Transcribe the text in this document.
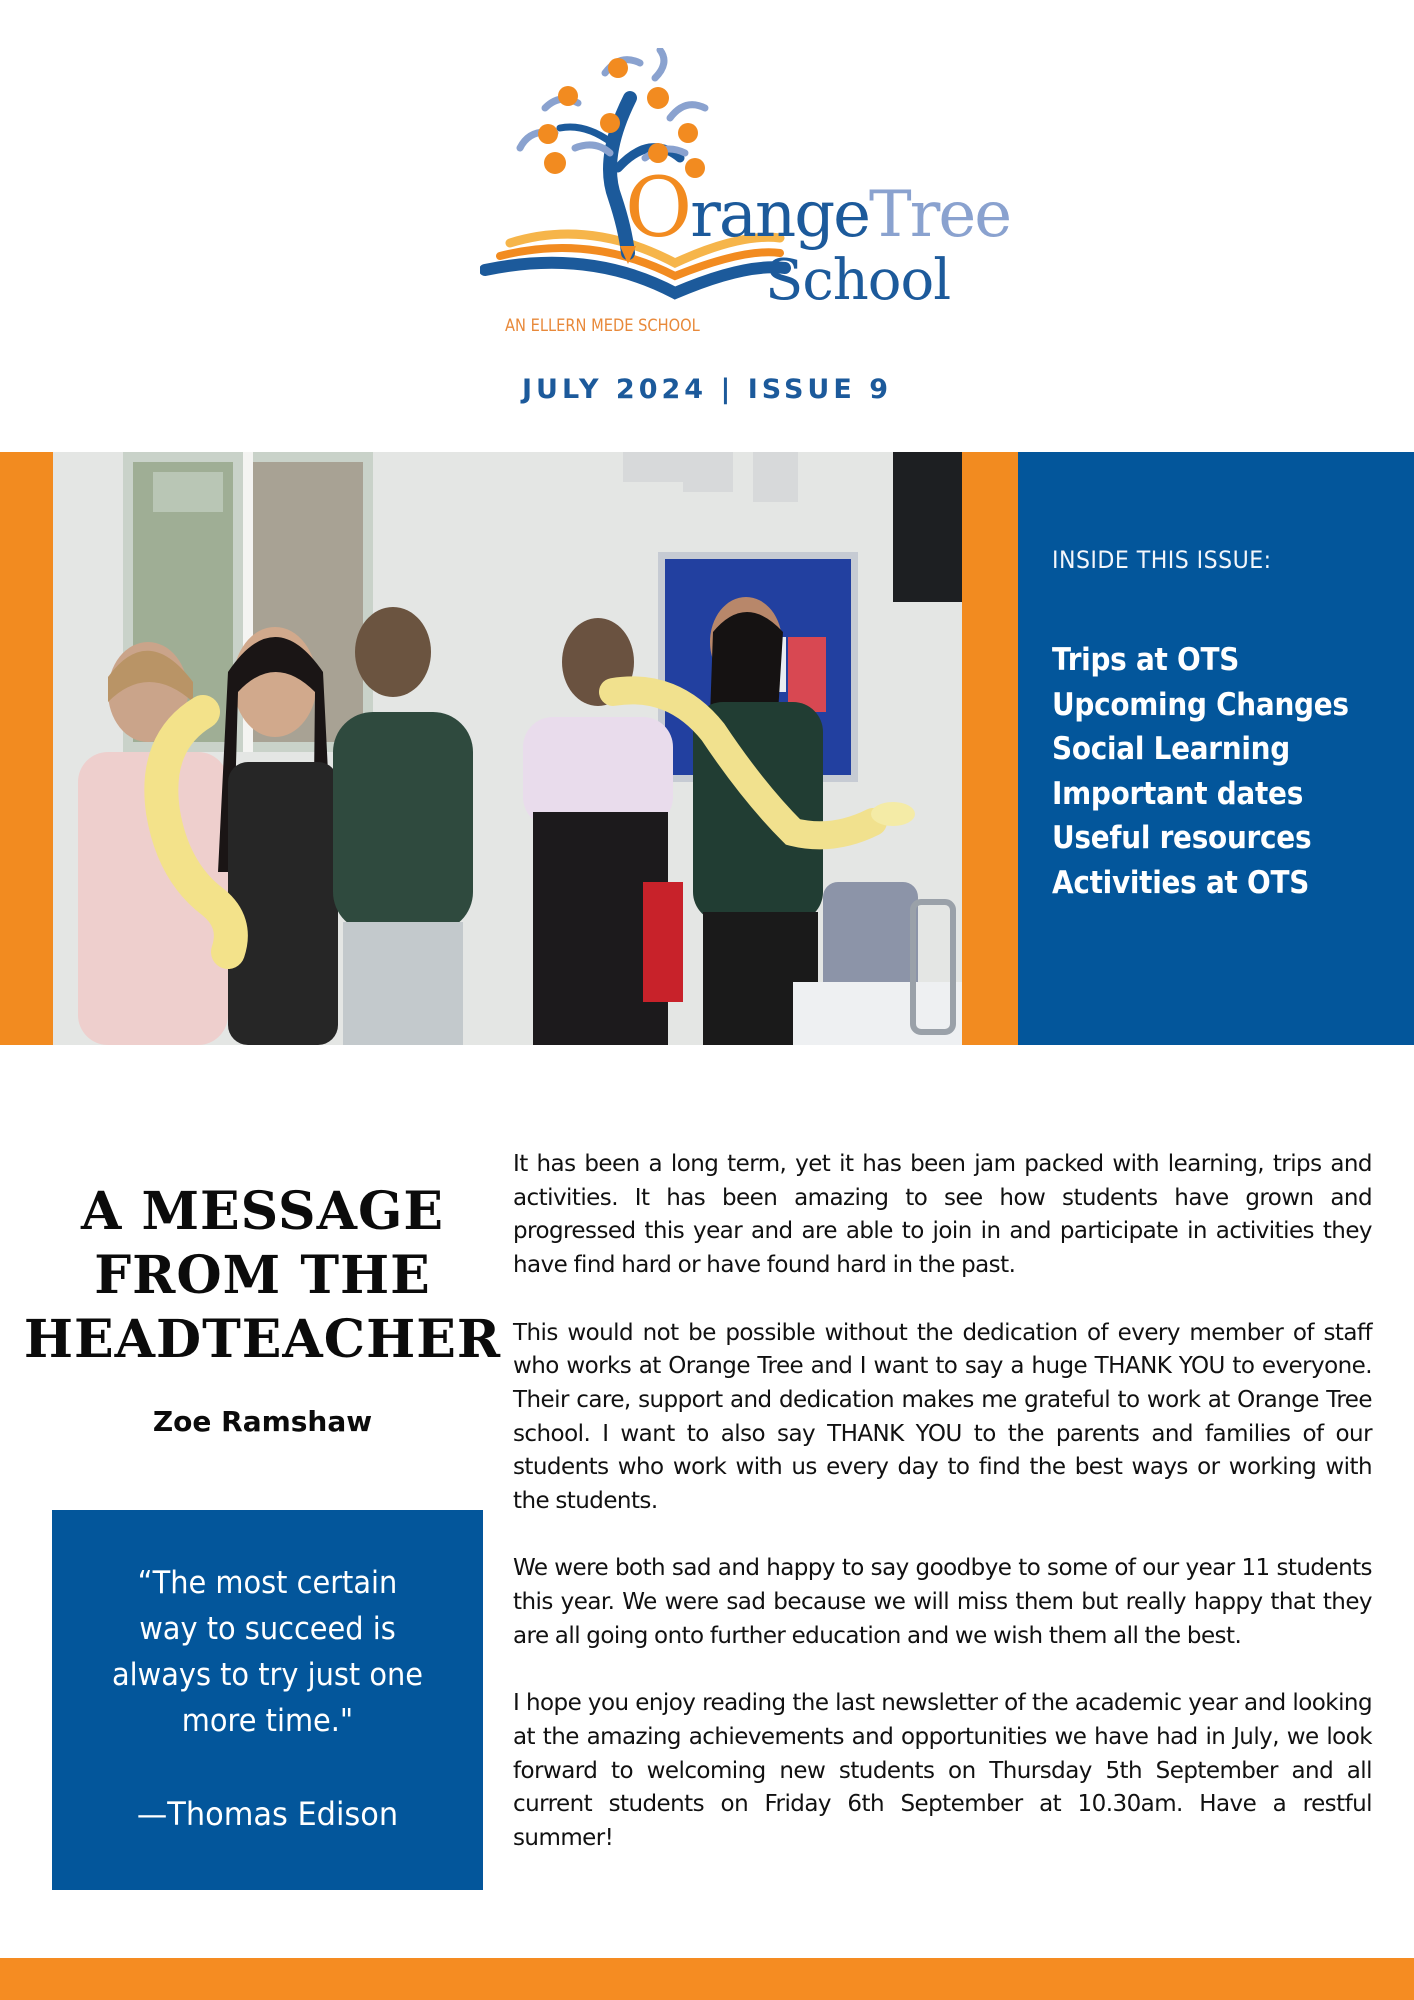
OrangeTree
School
AN ELLERN MEDE SCHOOL
JULY 2024 | ISSUE 9
INSIDE THIS ISSUE:
Trips at OTS
Upcoming Changes
Social Learning
Important dates
Useful resources
Activities at OTS
A MESSAGE
FROM THE
HEADTEACHER
Zoe Ramshaw
“The most certain
way to succeed is
always to try just one
more time."
—Thomas Edison

It has been a long term, yet it has been jam packed with learning, trips and activities. It has been amazing to see how students have grown and progressed this year and are able to join in and participate in activities they have find hard or have found hard in the past.

This would not be possible without the dedication of every member of staff who works at Orange Tree and I want to say a huge THANK YOU to everyone. Their care, support and dedication makes me grateful to work at Orange Tree school. I want to also say THANK YOU to the parents and families of our students who work with us every day to find the best ways or working with the students.

We were both sad and happy to say goodbye to some of our year 11 students this year. We were sad because we will miss them but really happy that they are all going onto further education and we wish them all the best.

I hope you enjoy reading the last newsletter of the academic year and looking at the amazing achievements and opportunities we have had in July, we look forward to welcoming new students on Thursday 5th September and all current students on Friday 6th September at 10.30am. Have a restful summer!
